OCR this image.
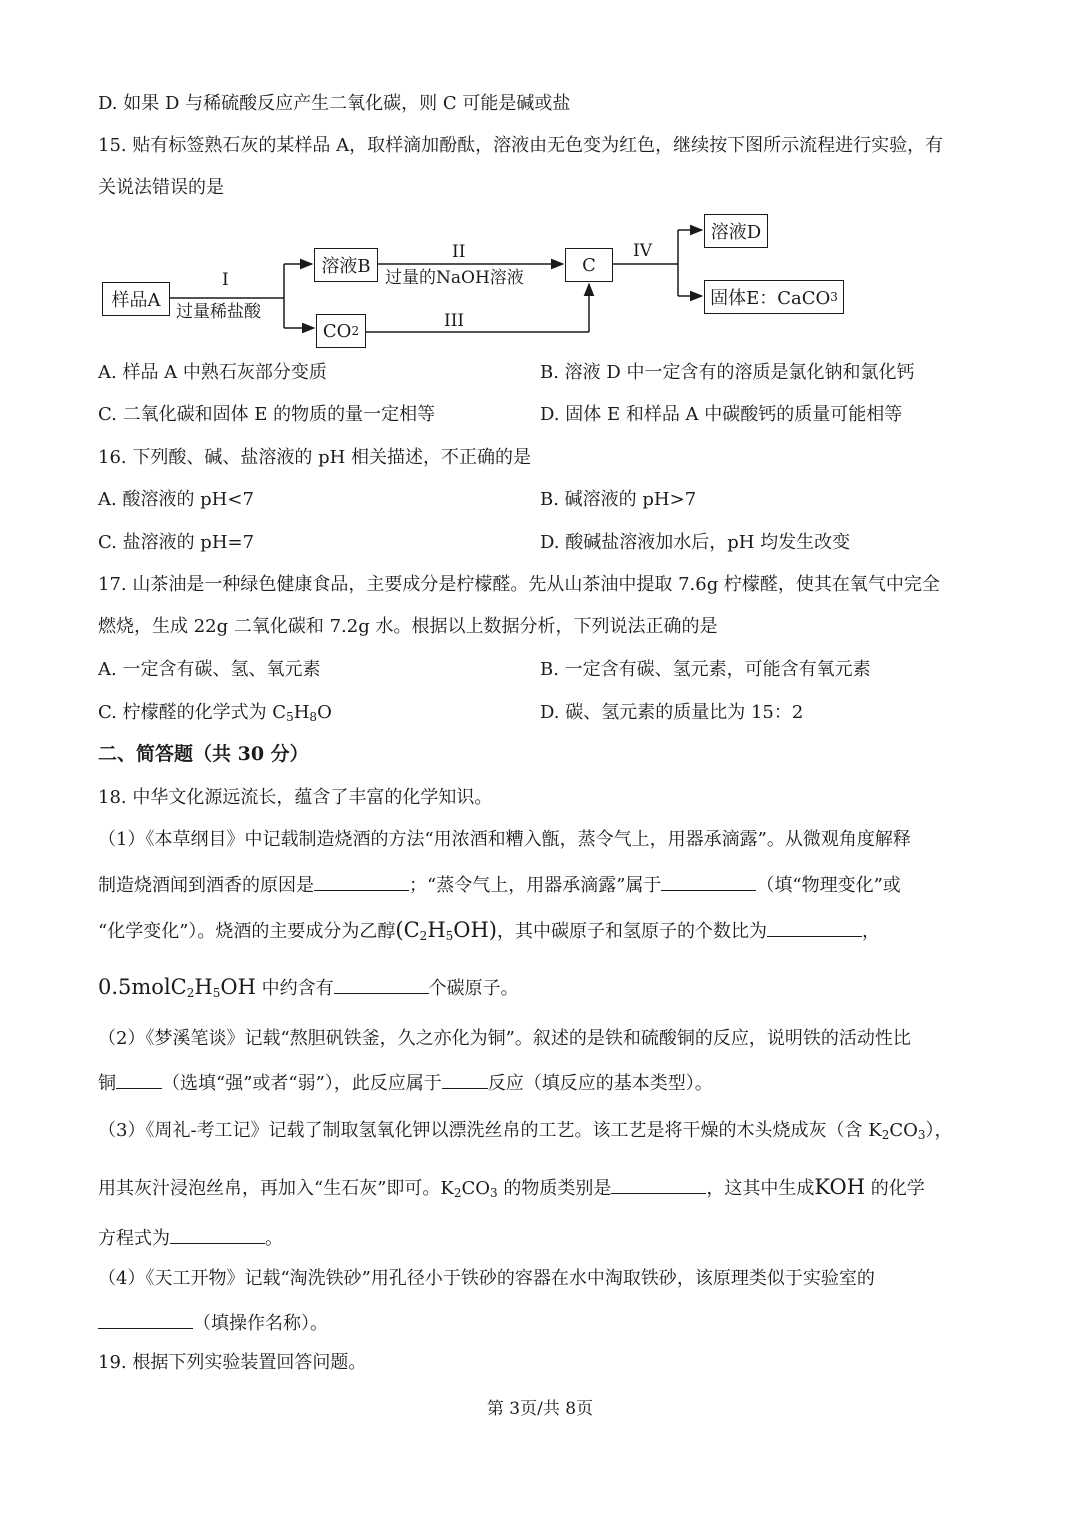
D. 如果 D 与稀硫酸反应产生二氧化碳，则 C 可能是碱或盐
15. 贴有标签熟石灰的某样品 A，取样滴加酚酞，溶液由无色变为红色，继续按下图所示流程进行实验，有
关说法错误的是
样品A
I
过量稀盐酸
溶液B
CO 2
II
过量的NaOH溶液
III
C
IV
溶液D
固体E：CaCO 3
A. 样品 A 中熟石灰部分变质	B. 溶液 D 中一定含有的溶质是氯化钠和氯化钙
C. 二氧化碳和固体 E 的物质的量一定相等	D. 固体 E 和样品 A 中碳酸钙的质量可能相等
16. 下列酸、碱、盐溶液的 pH 相关描述，不正确的是
A. 酸溶液的 pH<7	B. 碱溶液的 pH>7
C. 盐溶液的 pH=7	D. 酸碱盐溶液加水后，pH 均发生改变
17. 山茶油是一种绿色健康食品，主要成分是柠檬醛。先从山茶油中提取 7.6g 柠檬醛，使其在氧气中完全
燃烧，生成 22g 二氧化碳和 7.2g 水。根据以上数据分析，下列说法正确的是
A. 一定含有碳、氢、氧元素	B. 一定含有碳、氢元素，可能含有氧元素
C. 柠檬醛的化学式为 $C_5H_8O$	D. 碳、氢元素的质量比为 15：2
二、简答题（共 30 分）
18. 中华文化源远流长，蕴含了丰富的化学知识。
（1）《本草纲目》中记载制造烧酒的方法“用浓酒和糟入甑，蒸令气上，用器承滴露”。从微观角度解释
制造烧酒闻到酒香的原因是	；“蒸令气上，用器承滴露”属于	（填“物理变化”或
“化学变化”）。烧酒的主要成分为乙醇$(C_2H_5OH)$，其中碳原子和氢原子的个数比为	，
$0.5molC_2H_5OH$ 中约含有	个碳原子。
（2）《梦溪笔谈》记载“熬胆矾铁釜，久之亦化为铜”。叙述的是铁和硫酸铜的反应，说明铁的活动性比
铜	（选填“强”或者“弱”），此反应属于	反应（填反应的基本类型）。
（3）《周礼-考工记》记载了制取氢氧化钾以漂洗丝帛的工艺。该工艺是将干燥的木头烧成灰（含 $K_2CO_3$），
用其灰汁浸泡丝帛，再加入“生石灰”即可。$K_2CO_3$ 的物质类别是	，这其中生成KOH 的化学
方程式为	。
（4）《天工开物》记载“淘洗铁砂”用孔径小于铁砂的容器在水中淘取铁砂，该原理类似于实验室的
（填操作名称）。
19. 根据下列实验装置回答问题。
第 3页/共 8页
